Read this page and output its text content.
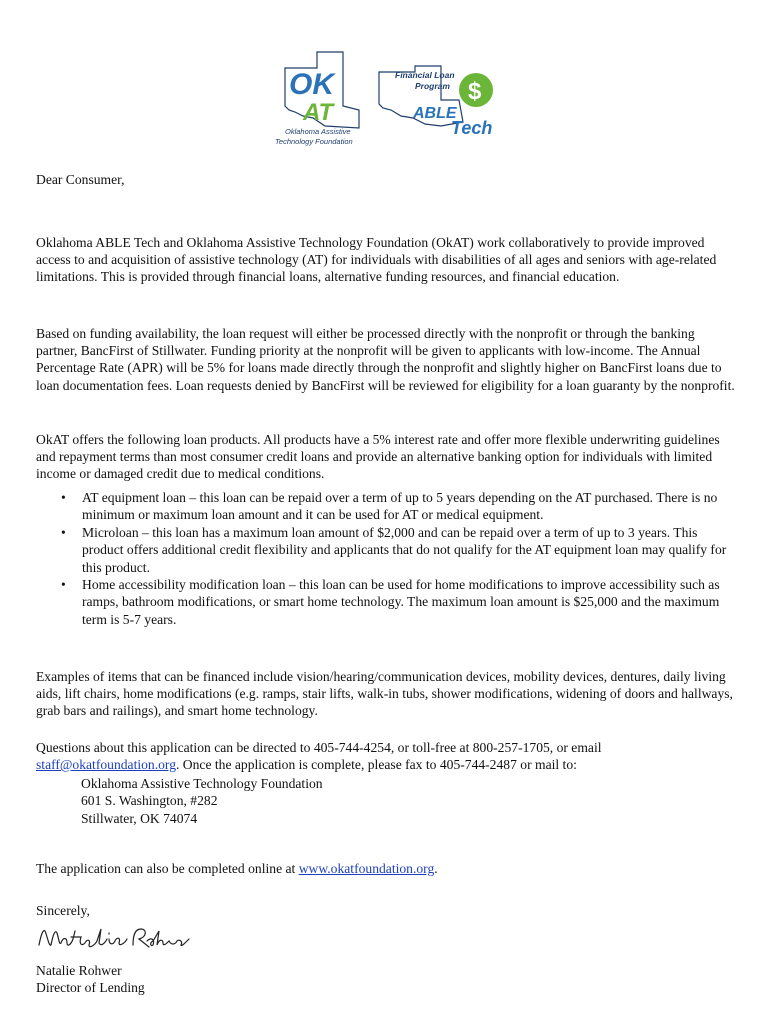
OK
AT
Oklahoma Assistive
Technology Foundation
Financial Loan
Program $
ABLE
Tech
Dear Consumer,

Oklahoma ABLE Tech and Oklahoma Assistive Technology Foundation (OkAT) work collaboratively to provide improved access to and acquisition of assistive technology (AT) for individuals with disabilities of all ages and seniors with age-related limitations. This is provided through financial loans, alternative funding resources, and financial education.

Based on funding availability, the loan request will either be processed directly with the nonprofit or through the banking partner, BancFirst of Stillwater. Funding priority at the nonprofit will be given to applicants with low-income. The Annual Percentage Rate (APR) will be 5% for loans made directly through the nonprofit and slightly higher on BancFirst loans due to loan documentation fees. Loan requests denied by BancFirst will be reviewed for eligibility for a loan guaranty by the nonprofit.

OkAT offers the following loan products. All products have a 5% interest rate and offer more flexible underwriting guidelines and repayment terms than most consumer credit loans and provide an alternative banking option for individuals with limited income or damaged credit due to medical conditions.

• AT equipment loan – this loan can be repaid over a term of up to 5 years depending on the AT purchased. There is no minimum or maximum loan amount and it can be used for AT or medical equipment.
• Microloan – this loan has a maximum loan amount of $2,000 and can be repaid over a term of up to 3 years. This product offers additional credit flexibility and applicants that do not qualify for the AT equipment loan may qualify for this product.
• Home accessibility modification loan – this loan can be used for home modifications to improve accessibility such as ramps, bathroom modifications, or smart home technology. The maximum loan amount is $25,000 and the maximum term is 5-7 years.

Examples of items that can be financed include vision/hearing/communication devices, mobility devices, dentures, daily living aids, lift chairs, home modifications (e.g. ramps, stair lifts, walk-in tubs, shower modifications, widening of doors and hallways, grab bars and railings), and smart home technology.

Questions about this application can be directed to 405-744-4254, or toll-free at 800-257-1705, or email staff@okatfoundation.org. Once the application is complete, please fax to 405-744-2487 or mail to:

Oklahoma Assistive Technology Foundation
601 S. Washington, #282
Stillwater, OK 74074

The application can also be completed online at www.okatfoundation.org.

Sincerely,
Natalie Rohwer
Director of Lending
